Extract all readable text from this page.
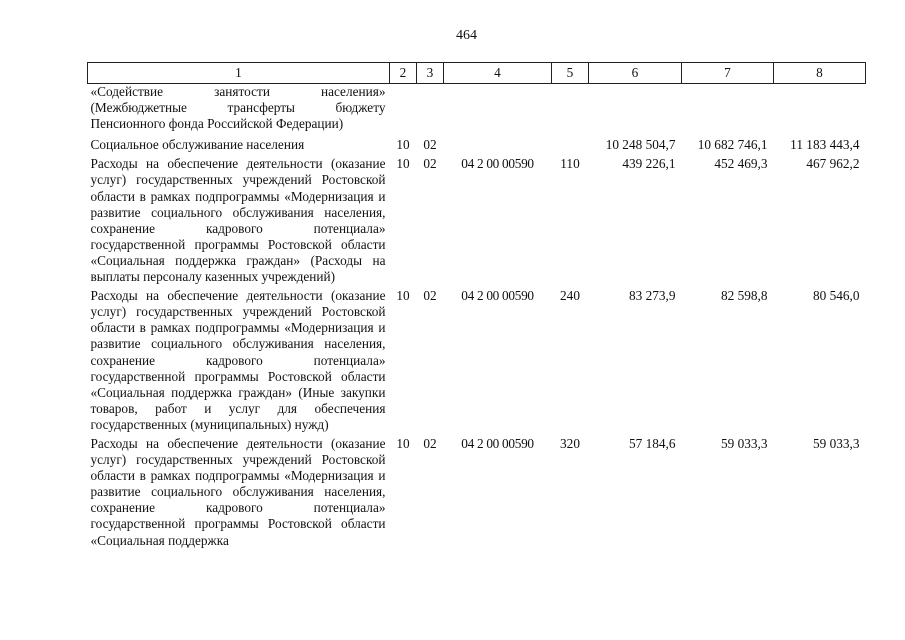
464
1	2	3	4	5	6	7	8
«Содействие занятости населения» (Межбюджетные трансферты бюджету Пенсионного фонда Российской Федерации)							
Социальное обслуживание населения	10	02			10 248 504,7	10 682 746,1	11 183 443,4
Расходы на обеспечение деятельности (оказание услуг) государственных учреждений Ростовской области в рамках подпрограммы «Модернизация и развитие социального обслуживания населения, сохранение кадрового потенциала» государственной программы Ростовской области «Социальная поддержка граждан» (Расходы на выплаты персоналу казенных учреждений)	10	02	04 2 00 00590	110	439 226,1	452 469,3	467 962,2
Расходы на обеспечение деятельности (оказание услуг) государственных учреждений Ростовской области в рамках подпрограммы «Модернизация и развитие социального обслуживания населения, сохранение кадрового потенциала» государственной программы Ростовской области «Социальная поддержка граждан» (Иные закупки товаров, работ и услуг для обеспечения государственных (муниципальных) нужд)	10	02	04 2 00 00590	240	83 273,9	82 598,8	80 546,0
Расходы на обеспечение деятельности (оказание услуг) государственных учреждений Ростовской области в рамках подпрограммы «Модернизация и развитие социального обслуживания населения, сохранение кадрового потенциала» государственной программы Ростовской области «Социальная поддержка	10	02	04 2 00 00590	320	57 184,6	59 033,3	59 033,3
